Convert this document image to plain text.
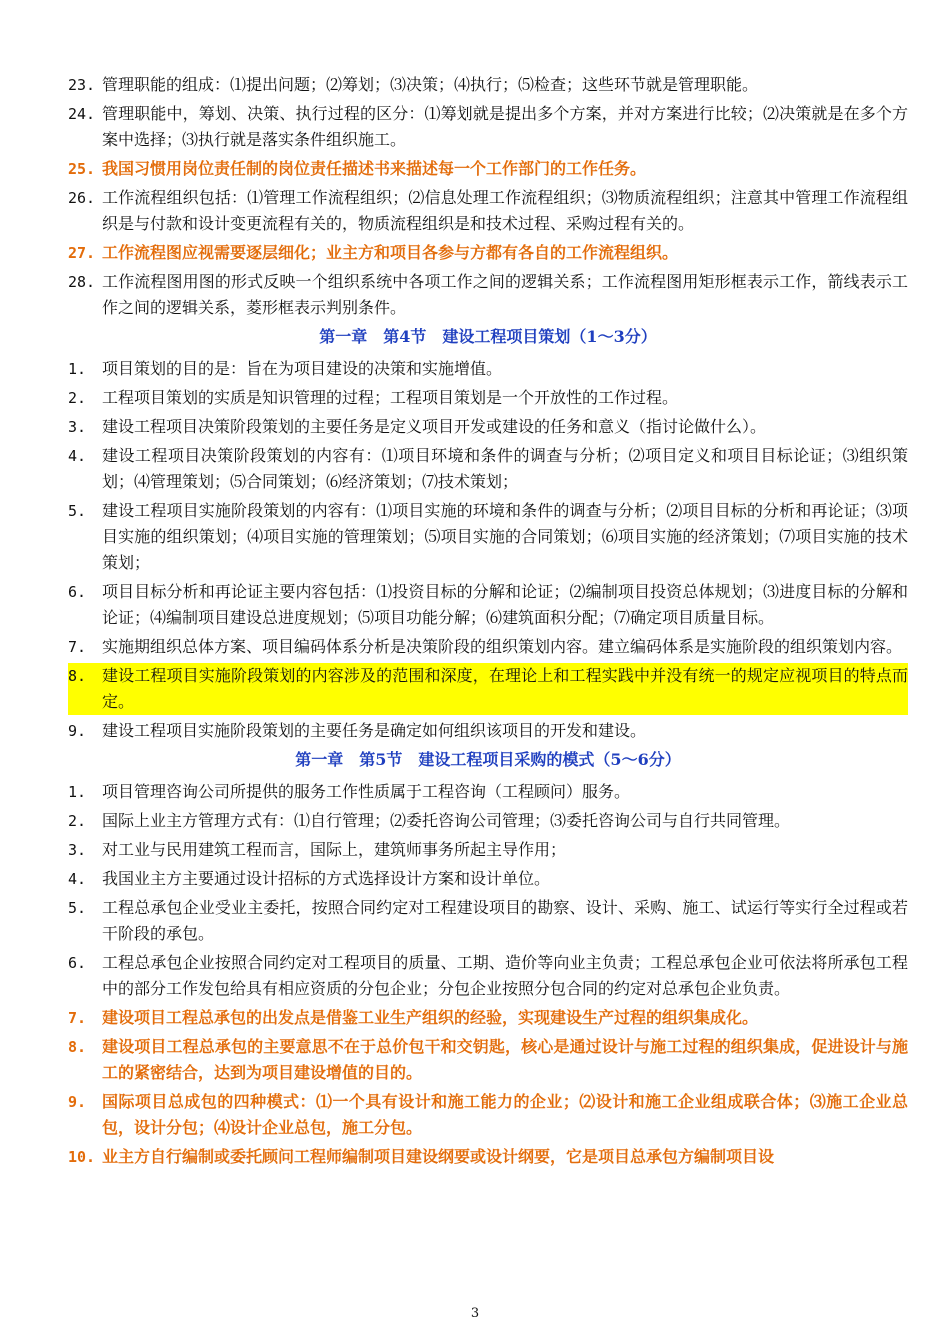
23. 管理职能的组成：⑴提出问题；⑵筹划；⑶决策；⑷执行；⑸检查；这些环节就是管理职能。
24. 管理职能中，筹划、决策、执行过程的区分：⑴筹划就是提出多个方案，并对方案进行比较；⑵决策就是在多个方案中选择；⑶执行就是落实条件组织施工。
25. 我国习惯用岗位责任制的岗位责任描述书来描述每一个工作部门的工作任务。
26. 工作流程组织包括：⑴管理工作流程组织；⑵信息处理工作流程组织；⑶物质流程组织；注意其中管理工作流程组织是与付款和设计变更流程有关的，物质流程组织是和技术过程、采购过程有关的。
27. 工作流程图应视需要逐层细化；业主方和项目各参与方都有各自的工作流程组织。
28. 工作流程图用图的形式反映一个组织系统中各项工作之间的逻辑关系；工作流程图用矩形框表示工作，箭线表示工作之间的逻辑关系，菱形框表示判别条件。
第一章　第4节　建设工程项目策划（1～3分）
1. 项目策划的目的是：旨在为项目建设的决策和实施增值。
2. 工程项目策划的实质是知识管理的过程；工程项目策划是一个开放性的工作过程。
3. 建设工程项目决策阶段策划的主要任务是定义项目开发或建设的任务和意义（指讨论做什么）。
4. 建设工程项目决策阶段策划的内容有：⑴项目环境和条件的调查与分析；⑵项目定义和项目目标论证；⑶组织策划；⑷管理策划；⑸合同策划；⑹经济策划；⑺技术策划；
5. 建设工程项目实施阶段策划的内容有：⑴项目实施的环境和条件的调查与分析；⑵项目目标的分析和再论证；⑶项目实施的组织策划；⑷项目实施的管理策划；⑸项目实施的合同策划；⑹项目实施的经济策划；⑺项目实施的技术策划；
6. 项目目标分析和再论证主要内容包括：⑴投资目标的分解和论证；⑵编制项目投资总体规划；⑶进度目标的分解和论证；⑷编制项目建设总进度规划；⑸项目功能分解；⑹建筑面积分配；⑺确定项目质量目标。
7. 实施期组织总体方案、项目编码体系分析是决策阶段的组织策划内容。建立编码体系是实施阶段的组织策划内容。
8. 建设工程项目实施阶段策划的内容涉及的范围和深度，在理论上和工程实践中并没有统一的规定应视项目的特点而定。
9. 建设工程项目实施阶段策划的主要任务是确定如何组织该项目的开发和建设。
第一章　第5节　建设工程项目采购的模式（5～6分）
1. 项目管理咨询公司所提供的服务工作性质属于工程咨询（工程顾问）服务。
2. 国际上业主方管理方式有：⑴自行管理；⑵委托咨询公司管理；⑶委托咨询公司与自行共同管理。
3. 对工业与民用建筑工程而言，国际上，建筑师事务所起主导作用；
4. 我国业主方主要通过设计招标的方式选择设计方案和设计单位。
5. 工程总承包企业受业主委托，按照合同约定对工程建设项目的勘察、设计、采购、施工、试运行等实行全过程或若干阶段的承包。
6. 工程总承包企业按照合同约定对工程项目的质量、工期、造价等向业主负责；工程总承包企业可依法将所承包工程中的部分工作发包给具有相应资质的分包企业；分包企业按照分包合同的约定对总承包企业负责。
7. 建设项目工程总承包的出发点是借鉴工业生产组织的经验，实现建设生产过程的组织集成化。
8. 建设项目工程总承包的主要意思不在于总价包干和交钥匙，核心是通过设计与施工过程的组织集成，促进设计与施工的紧密结合，达到为项目建设增值的目的。
9. 国际项目总成包的四种模式：⑴一个具有设计和施工能力的企业；⑵设计和施工企业组成联合体；⑶施工企业总包，设计分包；⑷设计企业总包，施工分包。
10. 业主方自行编制或委托顾问工程师编制项目建设纲要或设计纲要，它是项目总承包方编制项目设
3
